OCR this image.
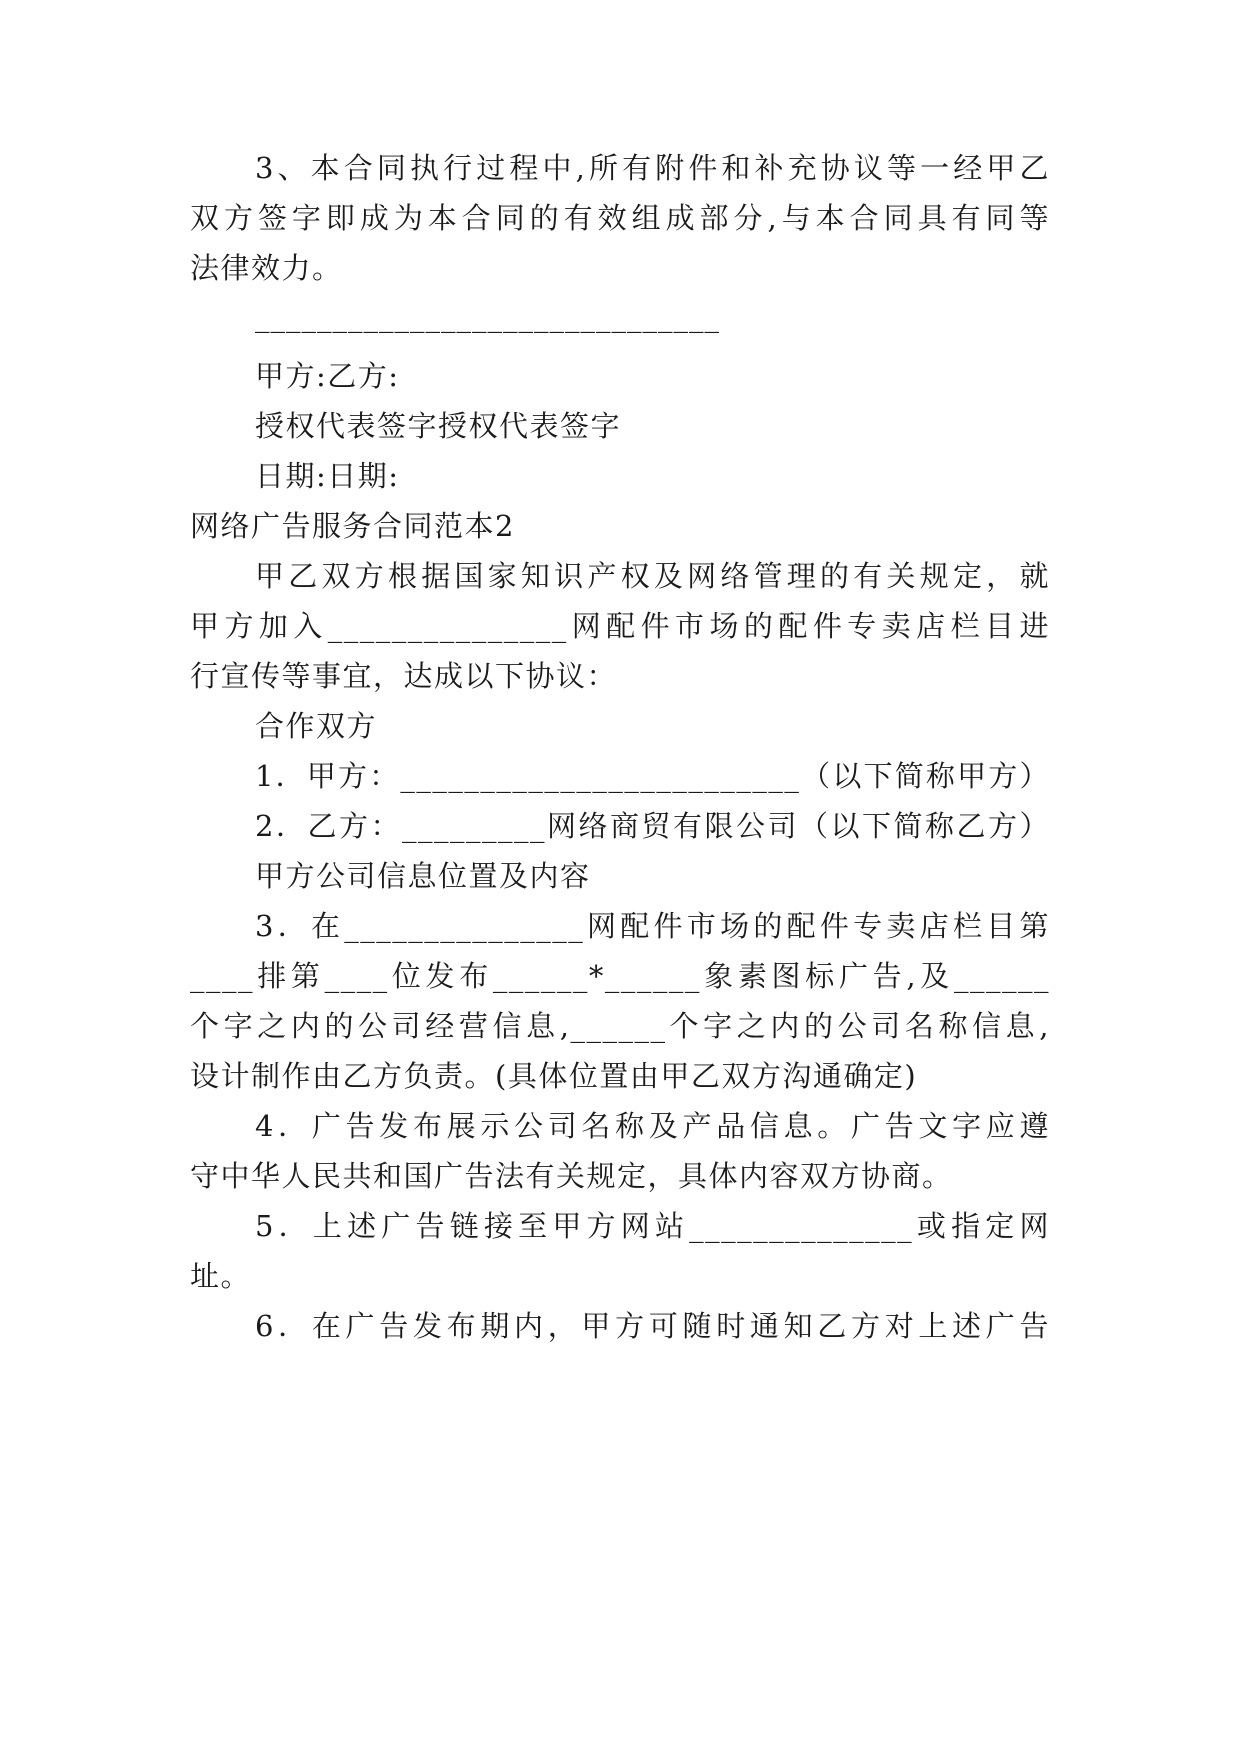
3、本合同执行过程中,所有附件和补充协议等一经甲乙
双方签字即成为本合同的有效组成部分,与本合同具有同等
法律效力。
______________________________
甲方:乙方:
授权代表签字授权代表签字
日期:日期:
网络广告服务合同范本2
甲乙双方根据国家知识产权及网络管理的有关规定，就
甲方加入_______________网配件市场的配件专卖店栏目进
行宣传等事宜，达成以下协议：
合作双方
1．甲方：_________________________（以下简称甲方）
2．乙方：_________网络商贸有限公司（以下简称乙方）
甲方公司信息位置及内容
3．在_______________网配件市场的配件专卖店栏目第
____排第____位发布______*______象素图标广告,及______
个字之内的公司经营信息,______个字之内的公司名称信息,
设计制作由乙方负责。(具体位置由甲乙双方沟通确定)
4．广告发布展示公司名称及产品信息。广告文字应遵
守中华人民共和国广告法有关规定，具体内容双方协商。
5．上述广告链接至甲方网站______________或指定网
址。
6．在广告发布期内，甲方可随时通知乙方对上述广告
